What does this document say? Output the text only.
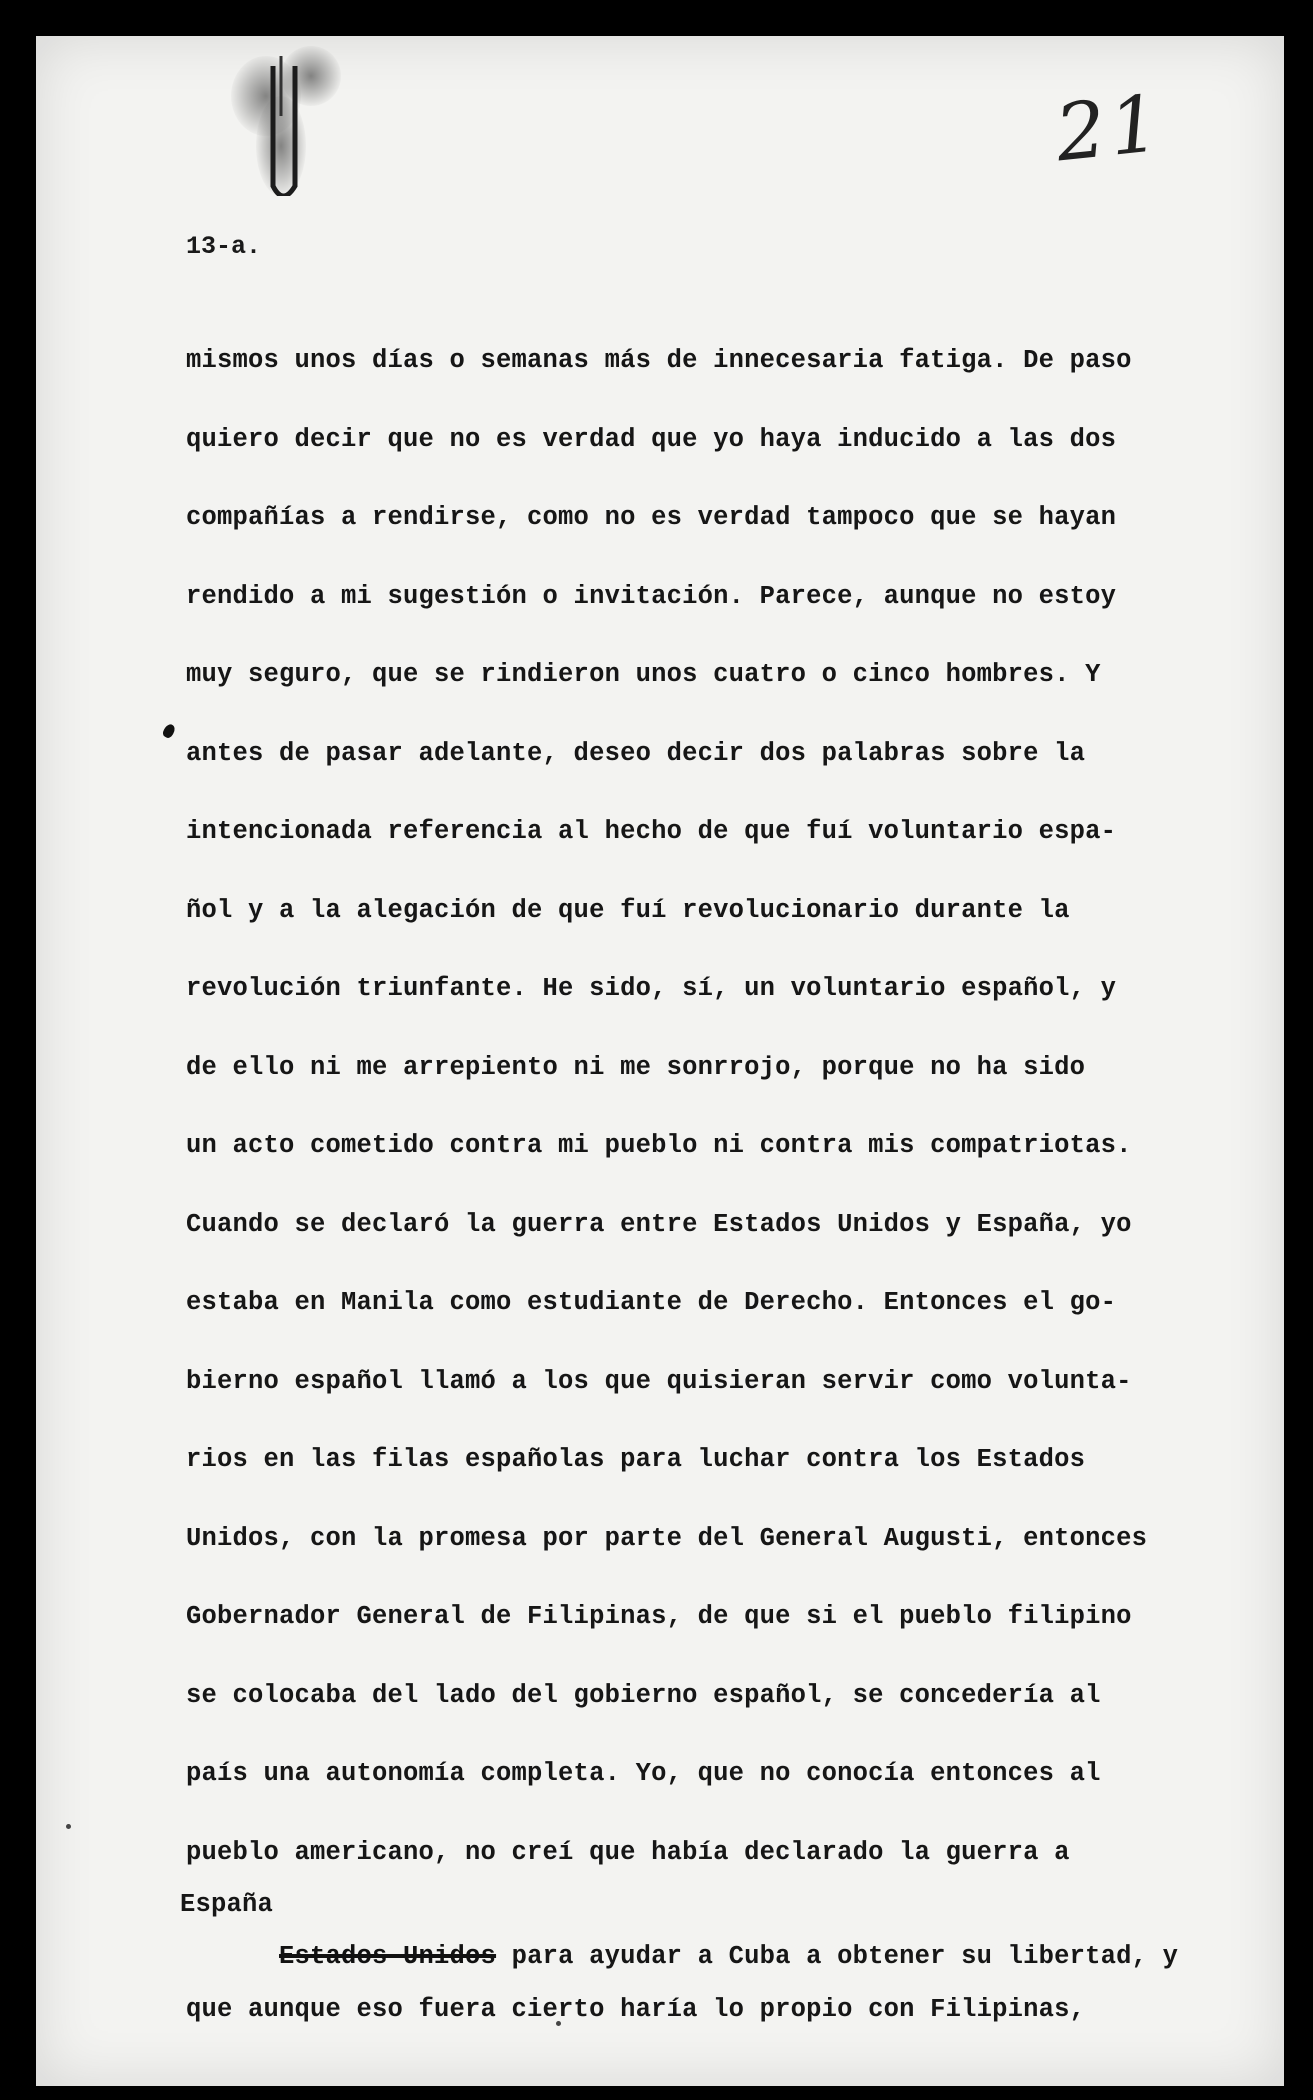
21
13-a.
mismos unos días o semanas más de innecesaria fatiga. De paso
quiero decir que no es verdad que yo haya inducido a las dos
compañías a rendirse, como no es verdad tampoco que se hayan
rendido a mi sugestión o invitación. Parece, aunque no estoy
muy seguro, que se rindieron unos cuatro o cinco hombres. Y
antes de pasar adelante, deseo decir dos palabras sobre la
intencionada referencia al hecho de que fuí voluntario espa-
ñol y a la alegación de que fuí revolucionario durante la
revolución triunfante. He sido, sí, un voluntario español, y
de ello ni me arrepiento ni me sonrrojo, porque no ha sido
un acto cometido contra mi pueblo ni contra mis compatriotas.
Cuando se declaró la guerra entre Estados Unidos y España, yo
estaba en Manila como estudiante de Derecho. Entonces el go-
bierno español llamó a los que quisieran servir como volunta-
rios en las filas españolas para luchar contra los Estados
Unidos, con la promesa por parte del General Augusti, entonces
Gobernador General de Filipinas, de que si el pueblo filipino
se colocaba del lado del gobierno español, se concedería al
país una autonomía completa. Yo, que no conocía entonces al
pueblo americano, no creí que había declarado la guerra a

España
Estados Unidos para ayudar a Cuba a obtener su libertad, y

que aunque eso fuera cierto haría lo propio con Filipinas,
